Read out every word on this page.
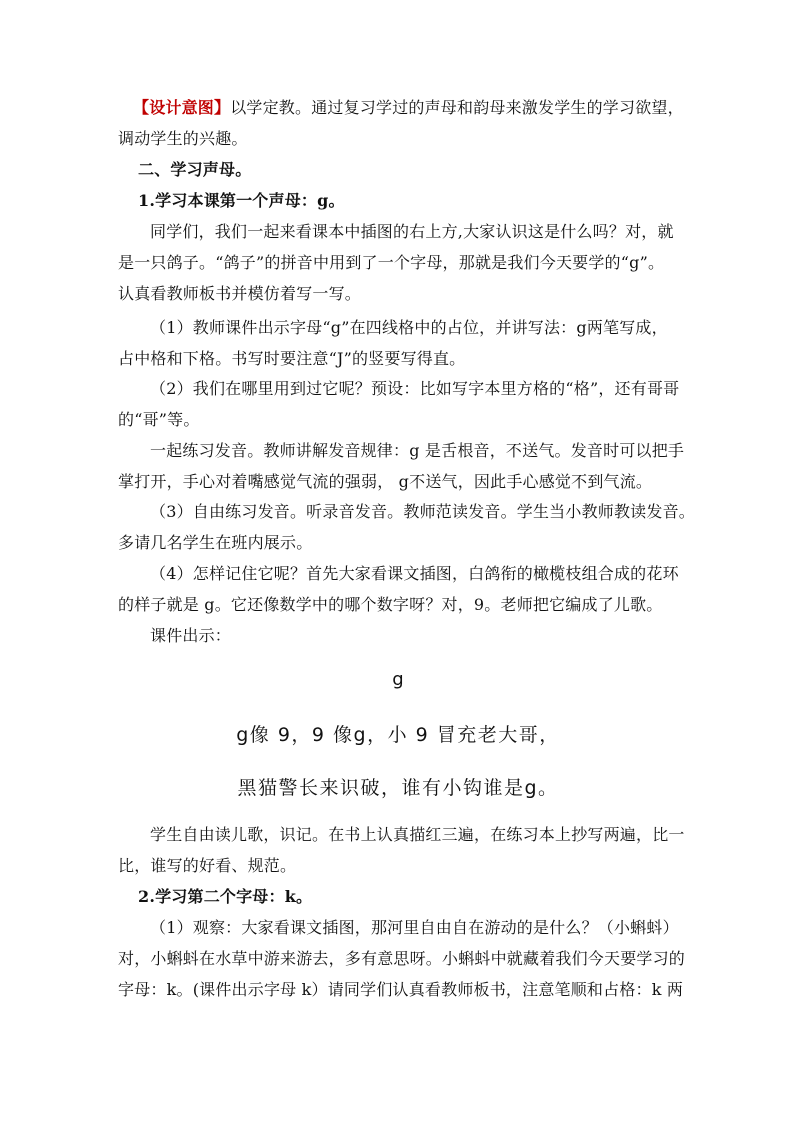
【设计意图】以学定教。通过复习学过的声母和韵母来激发学生的学习欲望，
调动学生的兴趣。

二、学习声母。

1.学习本课第一个声母：g。

同学们，我们一起来看课本中插图的右上方,大家认识这是什么吗？对，就
是一只鸽子。“鸽子”的拼音中用到了一个字母，那就是我们今天要学的“g”。
认真看教师板书并模仿着写一写。

（1）教师课件出示字母“g”在四线格中的占位，并讲写法：g两笔写成，
占中格和下格。书写时要注意“J”的竖要写得直。

（2）我们在哪里用到过它呢？预设：比如写字本里方格的“格”，还有哥哥
的“哥”等。

一起练习发音。教师讲解发音规律：g 是舌根音，不送气。发音时可以把手
掌打开，手心对着嘴感觉气流的强弱， g不送气，因此手心感觉不到气流。

（3）自由练习发音。听录音发音。教师范读发音。学生当小教师教读发音。
多请几名学生在班内展示。

（4）怎样记住它呢？首先大家看课文插图，白鸽衔的橄榄枝组合成的花环
的样子就是 g。它还像数学中的哪个数字呀？对，9。老师把它编成了儿歌。

课件出示：

g

g像 9，9 像g，小 9 冒充老大哥，

黑猫警长来识破，谁有小钩谁是g。

学生自由读儿歌，识记。在书上认真描红三遍，在练习本上抄写两遍，比一
比，谁写的好看、规范。

2.学习第二个字母：k。

（1）观察：大家看课文插图，那河里自由自在游动的是什么？（小蝌蚪）
对，小蝌蚪在水草中游来游去，多有意思呀。小蝌蚪中就藏着我们今天要学习的
字母：k。(课件出示字母 k）请同学们认真看教师板书，注意笔顺和占格：k 两
